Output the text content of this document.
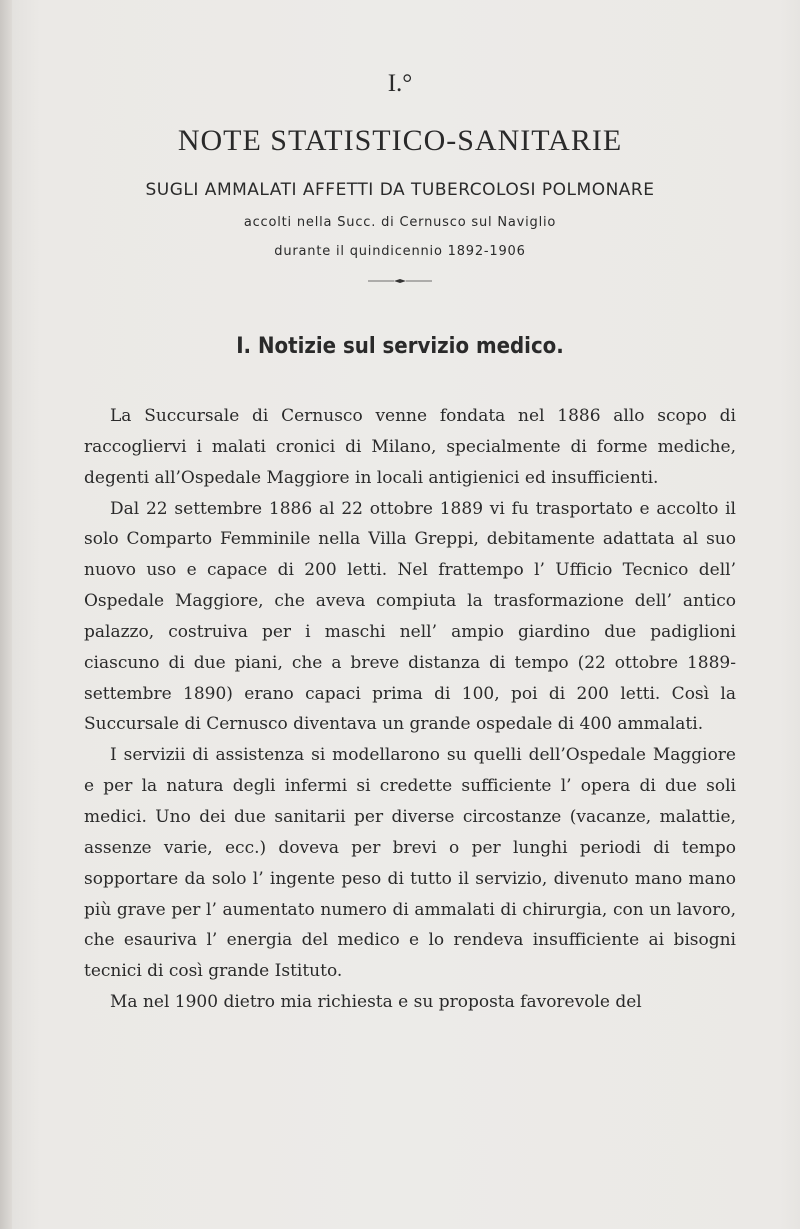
I.°
NOTE STATISTICO-SANITARIE
SUGLI AMMALATI AFFETTI DA TUBERCOLOSI POLMONARE
accolti nella Succ. di Cernusco sul Naviglio
durante il quindicennio 1892-1906
I. Notizie sul servizio medico.

La Succursale di Cernusco venne fondata nel 1886 allo scopo di raccogliervi i malati cronici di Milano, specialmente di forme mediche, degenti all’Ospedale Maggiore in locali antigienici ed insufficienti.

Dal 22 settembre 1886 al 22 ottobre 1889 vi fu trasportato e accolto il solo Comparto Femminile nella Villa Greppi, debitamente adattata al suo nuovo uso e capace di 200 letti. Nel frattempo l’ Ufficio Tecnico dell’ Ospedale Maggiore, che aveva compiuta la trasformazione dell’ antico palazzo, costruiva per i maschi nell’ ampio giardino due padiglioni ciascuno di due piani, che a breve distanza di tempo (22 ottobre 1889-settembre 1890) erano capaci prima di 100, poi di 200 letti. Così la Succursale di Cernusco diventava un grande ospedale di 400 ammalati.

I servizii di assistenza si modellarono su quelli dell’Ospedale Maggiore e per la natura degli infermi si credette sufficiente l’ opera di due soli medici. Uno dei due sanitarii per diverse circostanze (vacanze, malattie, assenze varie, ecc.) doveva per brevi o per lunghi periodi di tempo sopportare da solo l’ ingente peso di tutto il servizio, divenuto mano mano più grave per l’ aumentato numero di ammalati di chirurgia, con un lavoro, che esauriva l’ energia del medico e lo rendeva insufficiente ai bisogni tecnici di così grande Istituto.

Ma nel 1900 dietro mia richiesta e su proposta favorevole del
